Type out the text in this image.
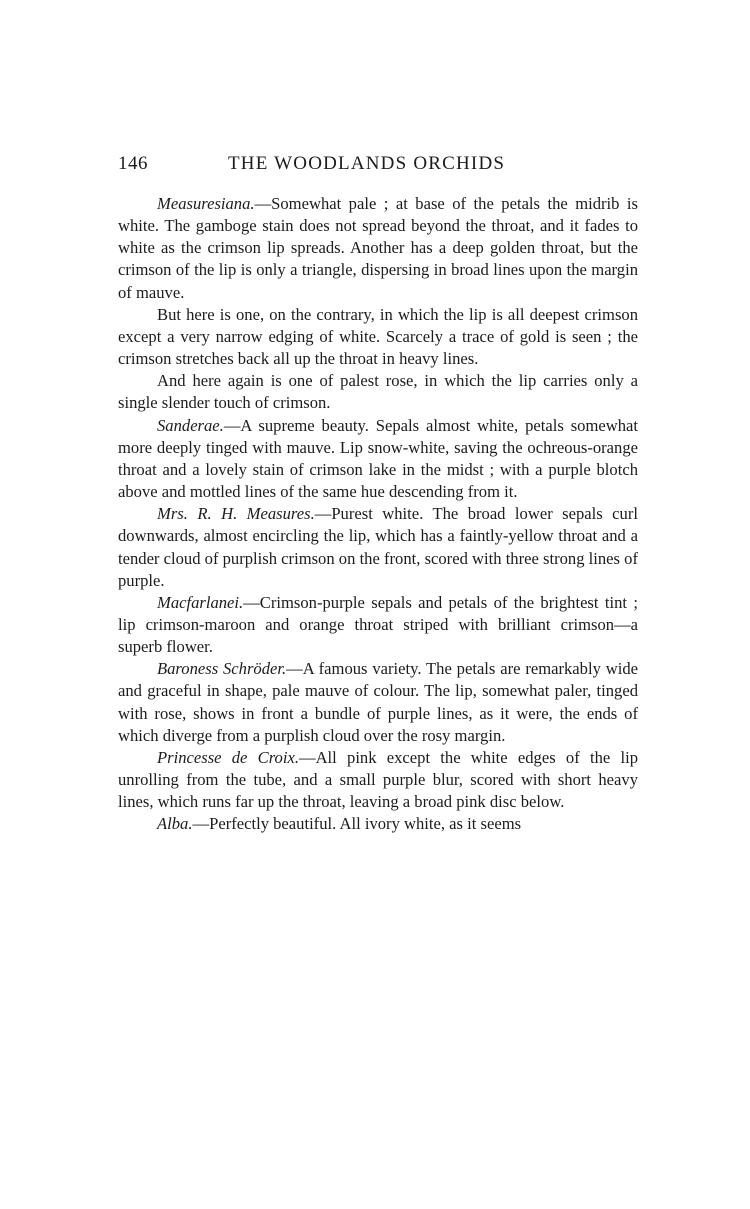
146	THE WOODLANDS ORCHIDS

Measuresiana.—Somewhat pale ; at base of the petals the midrib is white. The gamboge stain does not spread beyond the throat, and it fades to white as the crimson lip spreads. Another has a deep golden throat, but the crimson of the lip is only a triangle, dispersing in broad lines upon the margin of mauve.

But here is one, on the contrary, in which the lip is all deepest crimson except a very narrow edging of white. Scarcely a trace of gold is seen ; the crimson stretches back all up the throat in heavy lines.

And here again is one of palest rose, in which the lip carries only a single slender touch of crimson.

Sanderae.—A supreme beauty. Sepals almost white, petals somewhat more deeply tinged with mauve. Lip snow-white, saving the ochreous-orange throat and a lovely stain of crimson lake in the midst ; with a purple blotch above and mottled lines of the same hue descending from it.

Mrs. R. H. Measures.—Purest white. The broad lower sepals curl downwards, almost encircling the lip, which has a faintly-yellow throat and a tender cloud of purplish crimson on the front, scored with three strong lines of purple.

Macfarlanei.—Crimson-purple sepals and petals of the brightest tint ; lip crimson-maroon and orange throat striped with brilliant crimson—a superb flower.

Baroness Schröder.—A famous variety. The petals are remarkably wide and graceful in shape, pale mauve of colour. The lip, somewhat paler, tinged with rose, shows in front a bundle of purple lines, as it were, the ends of which diverge from a purplish cloud over the rosy margin.

Princesse de Croix.—All pink except the white edges of the lip unrolling from the tube, and a small purple blur, scored with short heavy lines, which runs far up the throat, leaving a broad pink disc below.

Alba.—Perfectly beautiful. All ivory white, as it seems
